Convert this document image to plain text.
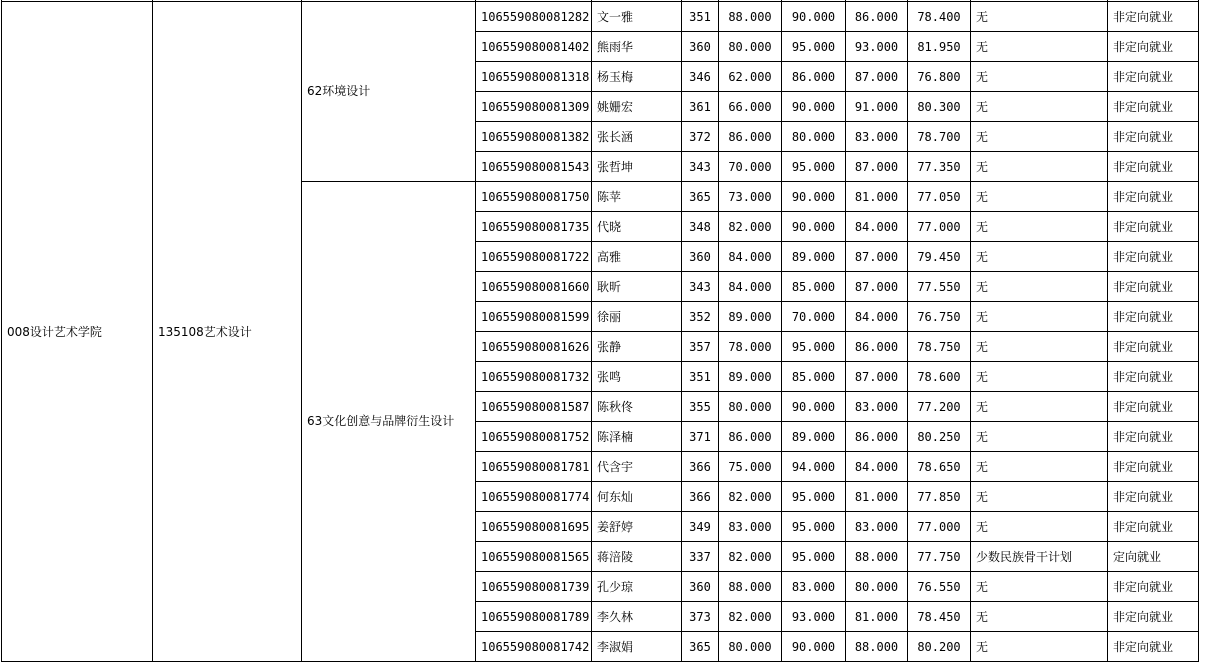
008设计艺术学院	135108艺术设计	62环境设计	106559080081282	文一雅	351	88.000	90.000	86.000	78.400	无	非定向就业
			106559080081402	熊雨华	360	80.000	95.000	93.000	81.950	无	非定向就业
			106559080081318	杨玉梅	346	62.000	86.000	87.000	76.800	无	非定向就业
			106559080081309	姚姗宏	361	66.000	90.000	91.000	80.300	无	非定向就业
			106559080081382	张长涵	372	86.000	80.000	83.000	78.700	无	非定向就业
			106559080081543	张哲坤	343	70.000	95.000	87.000	77.350	无	非定向就业
		63文化创意与品牌衍生设计	106559080081750	陈苹	365	73.000	90.000	81.000	77.050	无	非定向就业
			106559080081735	代晓	348	82.000	90.000	84.000	77.000	无	非定向就业
			106559080081722	高雅	360	84.000	89.000	87.000	79.450	无	非定向就业
			106559080081660	耿昕	343	84.000	85.000	87.000	77.550	无	非定向就业
			106559080081599	徐丽	352	89.000	70.000	84.000	76.750	无	非定向就业
			106559080081626	张静	357	78.000	95.000	86.000	78.750	无	非定向就业
			106559080081732	张鸣	351	89.000	85.000	87.000	78.600	无	非定向就业
			106559080081587	陈秋佟	355	80.000	90.000	83.000	77.200	无	非定向就业
			106559080081752	陈泽楠	371	86.000	89.000	86.000	80.250	无	非定向就业
			106559080081781	代含宇	366	75.000	94.000	84.000	78.650	无	非定向就业
			106559080081774	何东灿	366	82.000	95.000	81.000	77.850	无	非定向就业
			106559080081695	姜舒婷	349	83.000	95.000	83.000	77.000	无	非定向就业
			106559080081565	蒋涪陵	337	82.000	95.000	88.000	77.750	少数民族骨干计划	定向就业
			106559080081739	孔少琼	360	88.000	83.000	80.000	76.550	无	非定向就业
			106559080081789	李久林	373	82.000	93.000	81.000	78.450	无	非定向就业
			106559080081742	李淑娟	365	80.000	90.000	88.000	80.200	无	非定向就业
